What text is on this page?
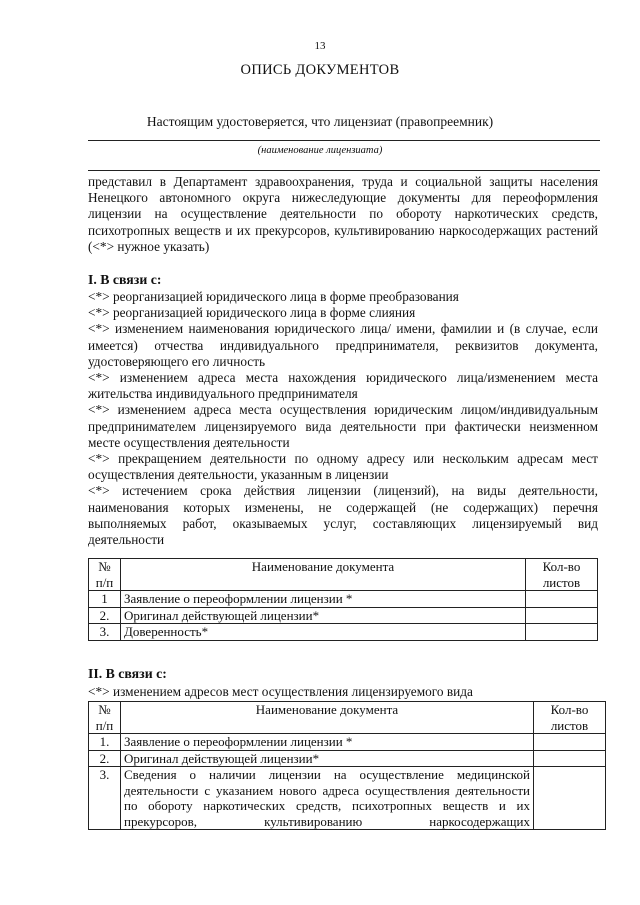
13
ОПИСЬ ДОКУМЕНТОВ
Настоящим удостоверяется, что лицензиат (правопреемник)
(наименование лицензиата)
представил в Департамент здравоохранения, труда и социальной защиты населения Ненецкого автономного округа нижеследующие документы для переоформления лицензии на осуществление деятельности по обороту наркотических средств, психотропных веществ и их прекурсоров, культивированию наркосодержащих растений (<*> нужное указать)
I. В связи с:
<*> реорганизацией юридического лица в форме преобразования
<*> реорганизацией юридического лица в форме слияния
<*> изменением наименования юридического лица/ имени, фамилии и (в случае, если имеется) отчества индивидуального предпринимателя, реквизитов документа, удостоверяющего его личность
<*> изменением адреса места нахождения юридического лица/изменением места жительства индивидуального предпринимателя
<*> изменением адреса места осуществления юридическим лицом/индивидуальным предпринимателем лицензируемого вида деятельности при фактически неизменном месте осуществления деятельности
<*> прекращением деятельности по одному адресу или нескольким адресам мест осуществления деятельности, указанным в лицензии
<*> истечением срока действия лицензии (лицензий), на виды деятельности, наименования которых изменены, не содержащей (не содержащих) перечня выполняемых работ, оказываемых услуг, составляющих лицензируемый вид деятельности
№ п/п	Наименование документа	Кол-во листов
1	Заявление о переоформлении лицензии *	
2.	Оригинал действующей лицензии*	
3.	Доверенность*	
II. В связи с:
<*> изменением адресов мест осуществления лицензируемого вида
№ п/п	Наименование документа	Кол-во листов
1.	Заявление о переоформлении лицензии *	
2.	Оригинал действующей лицензии*	
3.	Сведения о наличии лицензии на осуществление медицинской деятельности с указанием нового адреса осуществления деятельности по обороту наркотических средств, психотропных веществ и их прекурсоров, культивированию наркосодержащих	
